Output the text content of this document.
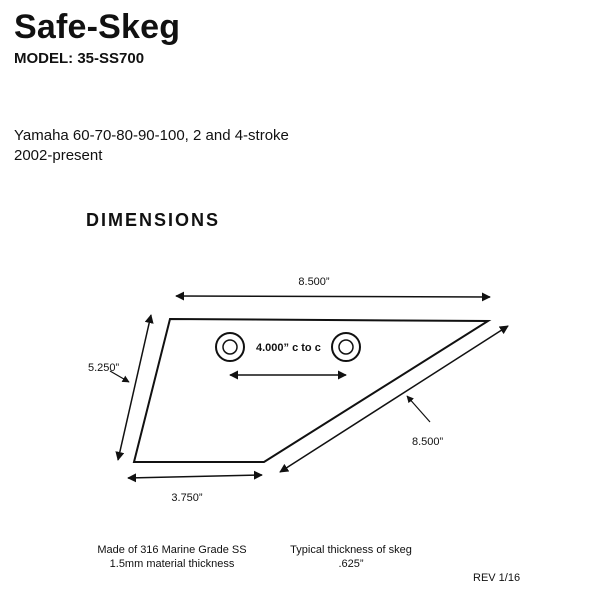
Safe-Skeg
MODEL: 35-SS700
Yamaha 60-70-80-90-100, 2 and 4-stroke
2002-present
DIMENSIONS
8.500”
5.250”
4.000” c to c
8.500”
3.750”
Made of 316 Marine Grade SS
1.5mm material thickness
Typical thickness of skeg
.625”
REV 1/16
